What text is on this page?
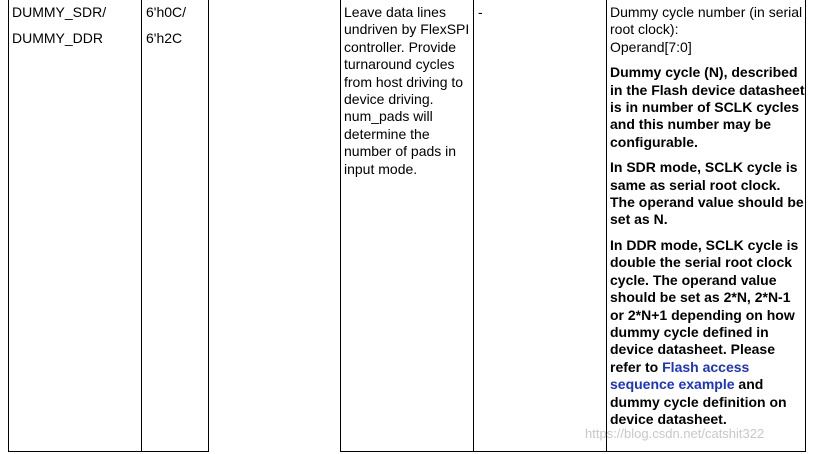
DUMMY_SDR/
DUMMY_DDR
6'h0C/
6'h2C
Leave data lines undriven by FlexSPI controller. Provide turnaround cycles from host driving to device driving. num_pads will determine the number of pads in input mode.
-	Dummy cycle number (in serial root clock):
Operand[7:0]
Dummy cycle (N), described in the Flash device datasheet is in number of SCLK cycles and this number may be configurable.
In SDR mode, SCLK cycle is same as serial root clock. The operand value should be set as N.
In DDR mode, SCLK cycle is double the serial root clock cycle. The operand value should be set as 2*N, 2*N-1 or 2*N+1 depending on how dummy cycle defined in device datasheet. Please refer to Flash access sequence example and dummy cycle definition on device datasheet.
https://blog.csdn.net/catshit322
